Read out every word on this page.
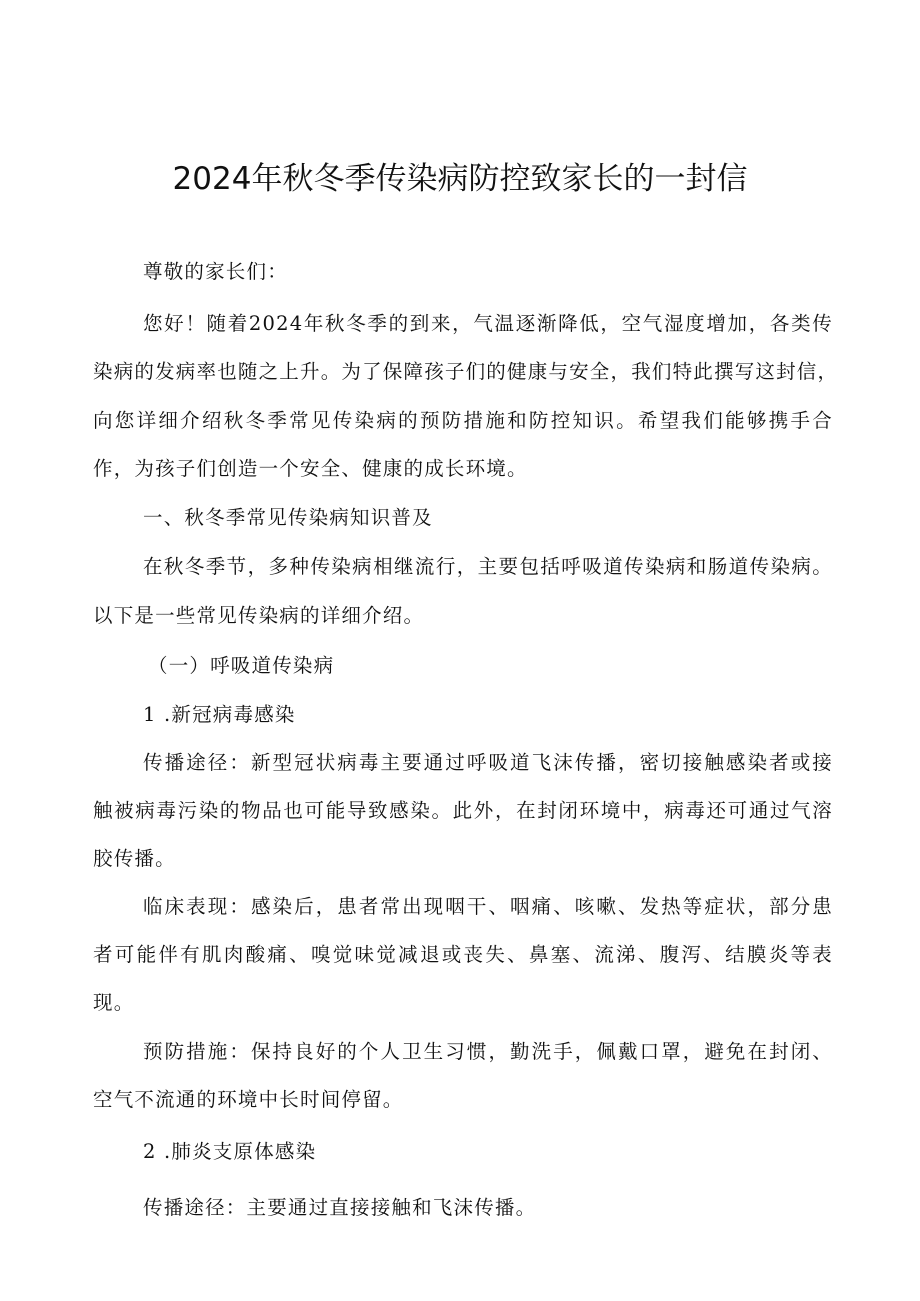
2024年秋冬季传染病防控致家长的一封信
尊敬的家长们：
您好！随着2024年秋冬季的到来，气温逐渐降低，空气湿度增加，各类传
染病的发病率也随之上升。为了保障孩子们的健康与安全，我们特此撰写这封信，
向您详细介绍秋冬季常见传染病的预防措施和防控知识。希望我们能够携手合
作，为孩子们创造一个安全、健康的成长环境。
一、秋冬季常见传染病知识普及
在秋冬季节，多种传染病相继流行，主要包括呼吸道传染病和肠道传染病。
以下是一些常见传染病的详细介绍。
（一）呼吸道传染病
1 .新冠病毒感染
传播途径：新型冠状病毒主要通过呼吸道飞沫传播，密切接触感染者或接
触被病毒污染的物品也可能导致感染。此外，在封闭环境中，病毒还可通过气溶
胶传播。
临床表现：感染后，患者常出现咽干、咽痛、咳嗽、发热等症状，部分患
者可能伴有肌肉酸痛、嗅觉味觉减退或丧失、鼻塞、流涕、腹泻、结膜炎等表
现。
预防措施：保持良好的个人卫生习惯，勤洗手，佩戴口罩，避免在封闭、
空气不流通的环境中长时间停留。
2 .肺炎支原体感染
传播途径：主要通过直接接触和飞沫传播。
